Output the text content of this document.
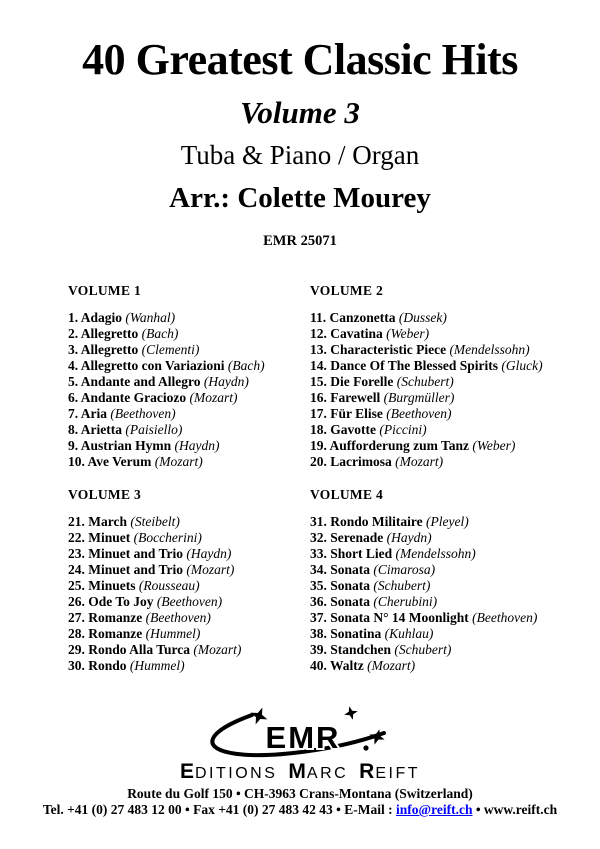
40 Greatest Classic Hits
Volume 3
Tuba & Piano / Organ
Arr.: Colette Mourey
EMR 25071
VOLUME 1
1. Adagio (Wanhal)
2. Allegretto (Bach)
3. Allegretto (Clementi)
4. Allegretto con Variazioni (Bach)
5. Andante and Allegro (Haydn)
6. Andante Graciozo (Mozart)
7. Aria (Beethoven)
8. Arietta (Paisiello)
9. Austrian Hymn (Haydn)
10. Ave Verum (Mozart)
VOLUME 2
11. Canzonetta (Dussek)
12. Cavatina (Weber)
13. Characteristic Piece (Mendelssohn)
14. Dance Of The Blessed Spirits (Gluck)
15. Die Forelle (Schubert)
16. Farewell (Burgmüller)
17. Für Elise (Beethoven)
18. Gavotte (Piccini)
19. Aufforderung zum Tanz (Weber)
20. Lacrimosa (Mozart)
VOLUME 3
21. March (Steibelt)
22. Minuet (Boccherini)
23. Minuet and Trio (Haydn)
24. Minuet and Trio (Mozart)
25. Minuets (Rousseau)
26. Ode To Joy (Beethoven)
27. Romanze (Beethoven)
28. Romanze (Hummel)
29. Rondo Alla Turca (Mozart)
30. Rondo (Hummel)
VOLUME 4
31. Rondo Militaire (Pleyel)
32. Serenade (Haydn)
33. Short Lied (Mendelssohn)
34. Sonata (Cimarosa)
35. Sonata (Schubert)
36. Sonata (Cherubini)
37. Sonata N° 14 Moonlight (Beethoven)
38. Sonatina (Kuhlau)
39. Standchen (Schubert)
40. Waltz (Mozart)
EMR
E DITIONS M ARC R EIFT
Route du Golf 150 • CH-3963 Crans-Montana (Switzerland)
Tel. +41 (0) 27 483 12 00 • Fax +41 (0) 27 483 42 43 • E-Mail : info@reift.ch • www.reift.ch
